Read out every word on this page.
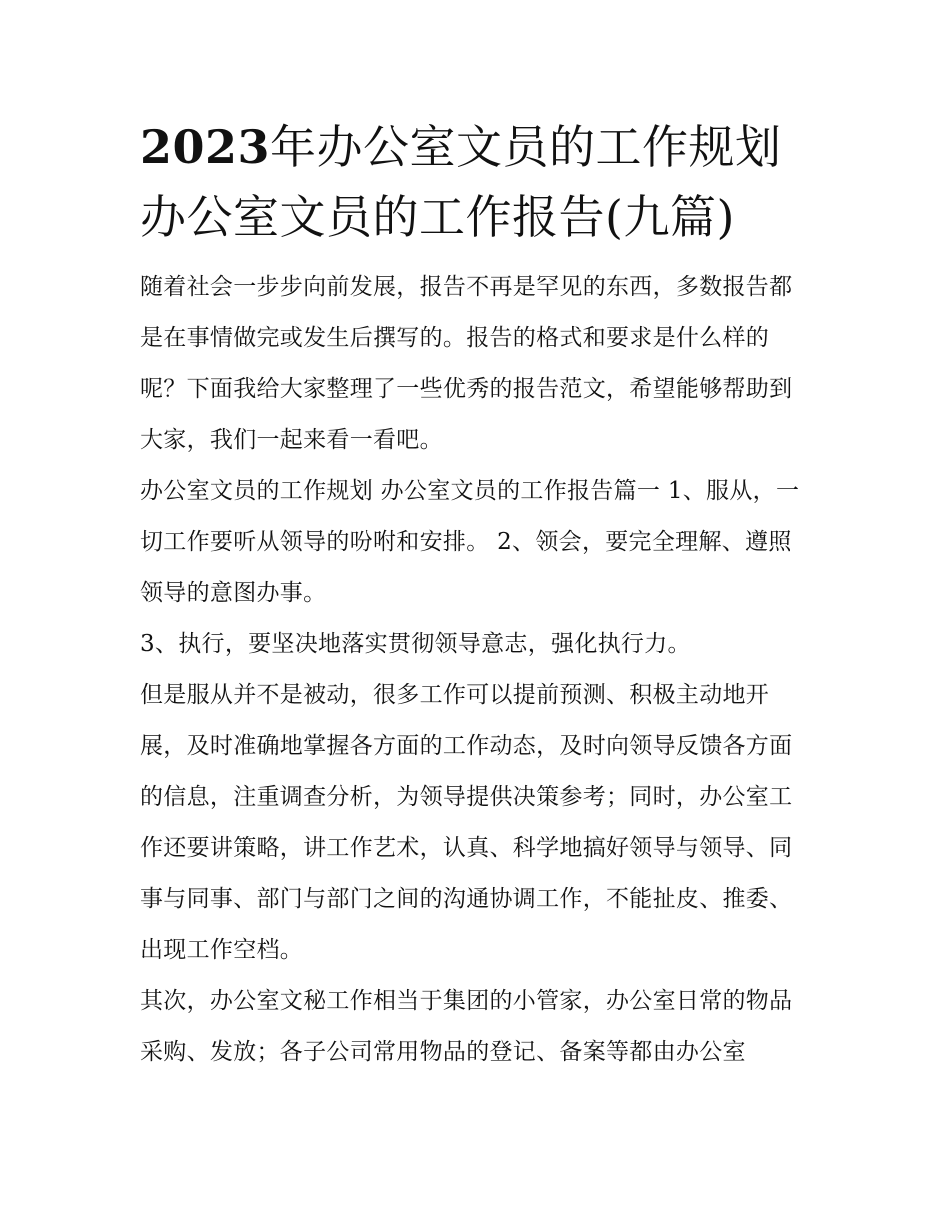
2023年办公室文员的工作规划 办公室文员的工作报告(九篇)

随着社会一步步向前发展，报告不再是罕见的东西，多数报告都是在事情做完或发生后撰写的。报告的格式和要求是什么样的呢？下面我给大家整理了一些优秀的报告范文，希望能够帮助到大家，我们一起来看一看吧。

办公室文员的工作规划 办公室文员的工作报告篇一 1、服从，一切工作要听从领导的吩咐和安排。 2、领会，要完全理解、遵照领导的意图办事。

3、执行，要坚决地落实贯彻领导意志，强化执行力。

但是服从并不是被动，很多工作可以提前预测、积极主动地开展，及时准确地掌握各方面的工作动态，及时向领导反馈各方面的信息，注重调查分析，为领导提供决策参考；同时，办公室工作还要讲策略，讲工作艺术，认真、科学地搞好领导与领导、同事与同事、部门与部门之间的沟通协调工作，不能扯皮、推委、出现工作空档。

其次，办公室文秘工作相当于集团的小管家，办公室日常的物品采购、发放；各子公司常用物品的登记、备案等都由办公室
